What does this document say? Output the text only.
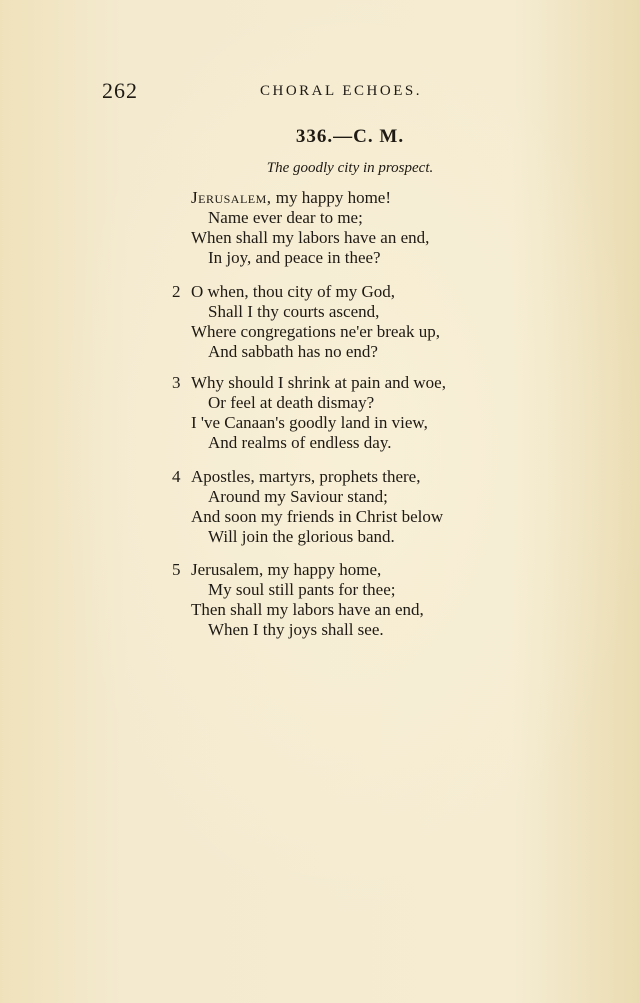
262	CHORAL ECHOES.
336.—C. M.
The goodly city in prospect.
Jerusalem, my happy home!
Name ever dear to me;
When shall my labors have an end,
In joy, and peace in thee?
2 O when, thou city of my God,
Shall I thy courts ascend,
Where congregations ne'er break up,
And sabbath has no end?
3 Why should I shrink at pain and woe,
Or feel at death dismay?
I 've Canaan's goodly land in view,
And realms of endless day.
4 Apostles, martyrs, prophets there,
Around my Saviour stand;
And soon my friends in Christ below
Will join the glorious band.
5 Jerusalem, my happy home,
My soul still pants for thee;
Then shall my labors have an end,
When I thy joys shall see.
